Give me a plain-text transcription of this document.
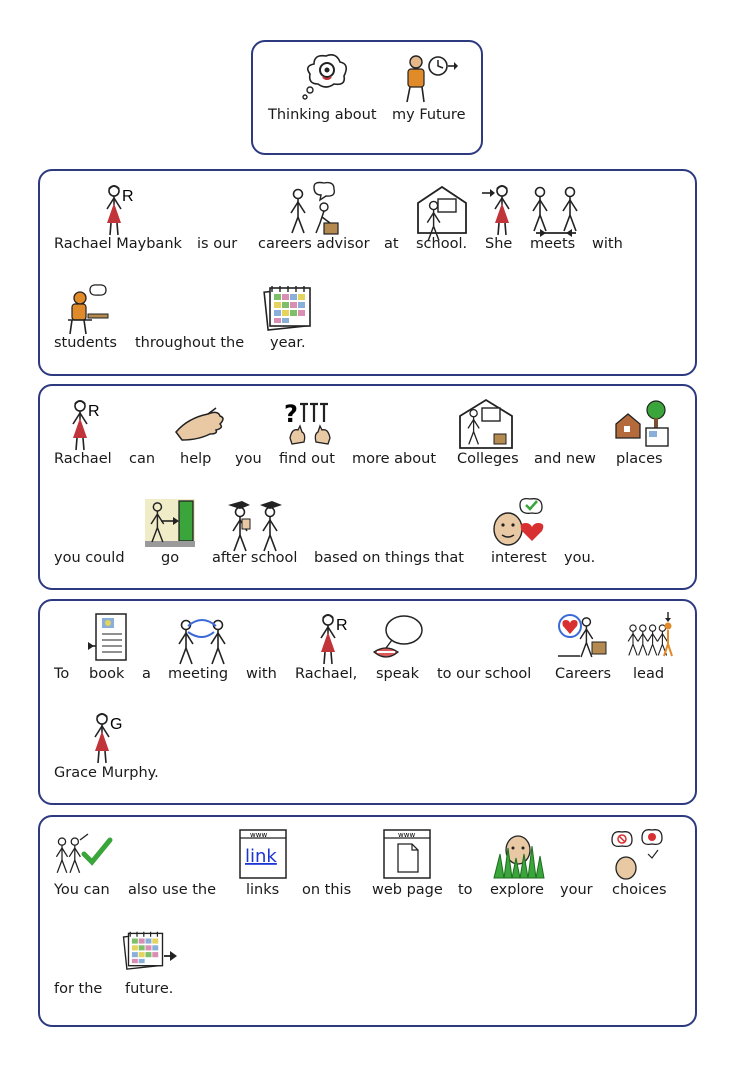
Thinking about my Future
R
Rachael Maybank is our careers advisor at school. She meets with
students throughout the year.
R	?
Rachael can help you find out more about Colleges and new places
you could	go after school based on things that interest you.
R
To book a meeting with Rachael, speak to our school Careers lead
G
Grace Murphy.
www
link
www
You can also use the links on this web page to explore your choices
for the future.
